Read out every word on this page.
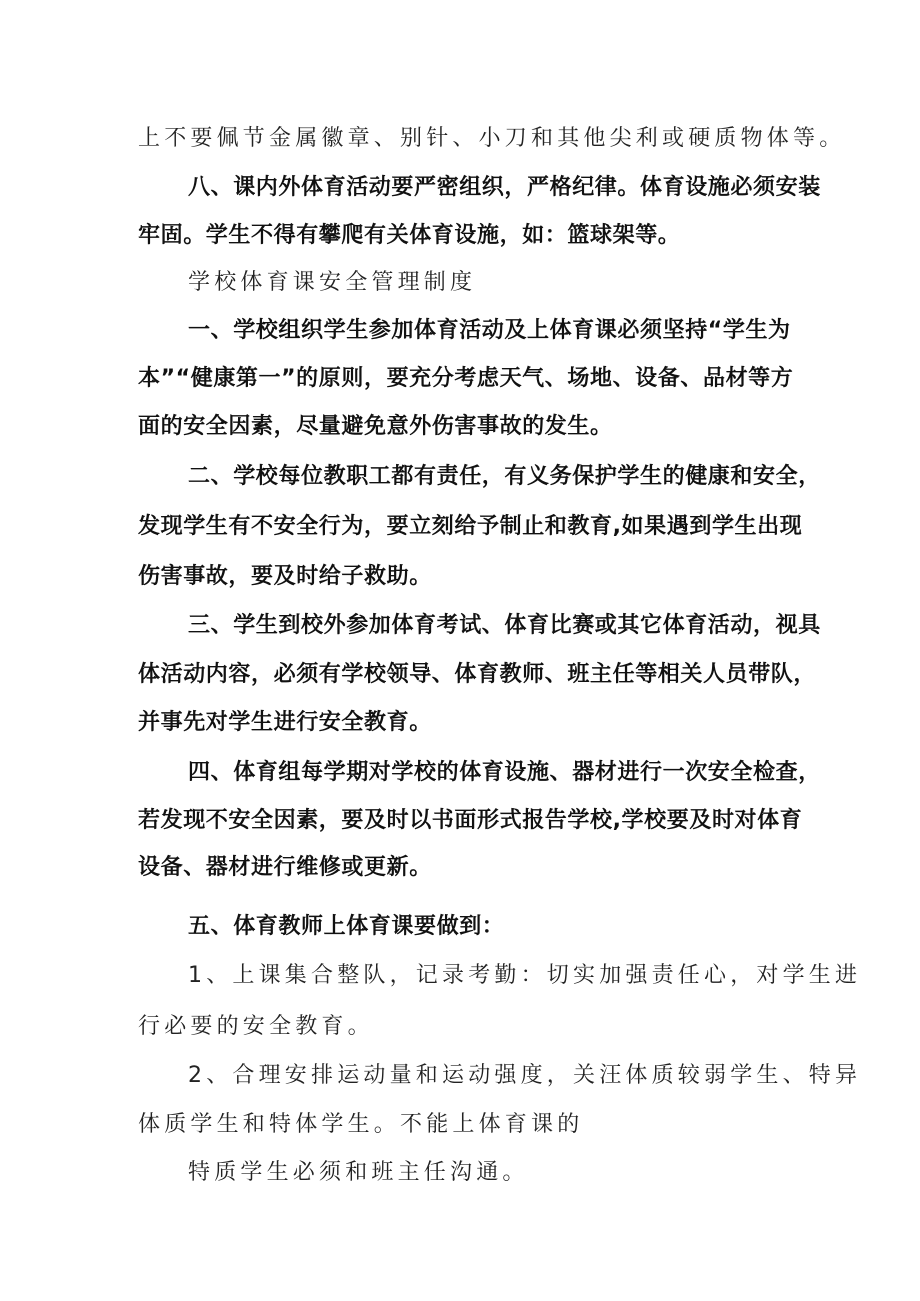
上不要佩节金属徽章、别针、小刀和其他尖利或硬质物体等。
八、课内外体育活动要严密组织，严格纪律。体育设施必须安装
牢固。学生不得有攀爬有关体育设施，如：篮球架等。
学校体育课安全管理制度
一、学校组织学生参加体育活动及上体育课必须坚持“学生为
本”“健康第一”的原则，要充分考虑天气、场地、设备、品材等方
面的安全因素，尽量避免意外伤害事故的发生。
二、学校每位教职工都有责任，有义务保护学生的健康和安全，
发现学生有不安全行为，要立刻给予制止和教育,如果遇到学生出现
伤害事故，要及时给子救助。
三、学生到校外参加体育考试、体育比赛或其它体育活动，视具
体活动内容，必须有学校领导、体育教师、班主任等相关人员带队，
并事先对学生进行安全教育。
四、体育组每学期对学校的体育设施、器材进行一次安全检查，
若发现不安全因素，要及时以书面形式报告学校,学校要及时对体育
设备、器材进行维修或更新。
五、体育教师上体育课要做到：
1、上课集合整队，记录考勤：切实加强责任心，对学生进
行必要的安全教育。
2、合理安排运动量和运动强度，关汪体质较弱学生、特异
体质学生和特体学生。不能上体育课的
特质学生必须和班主任沟通。
